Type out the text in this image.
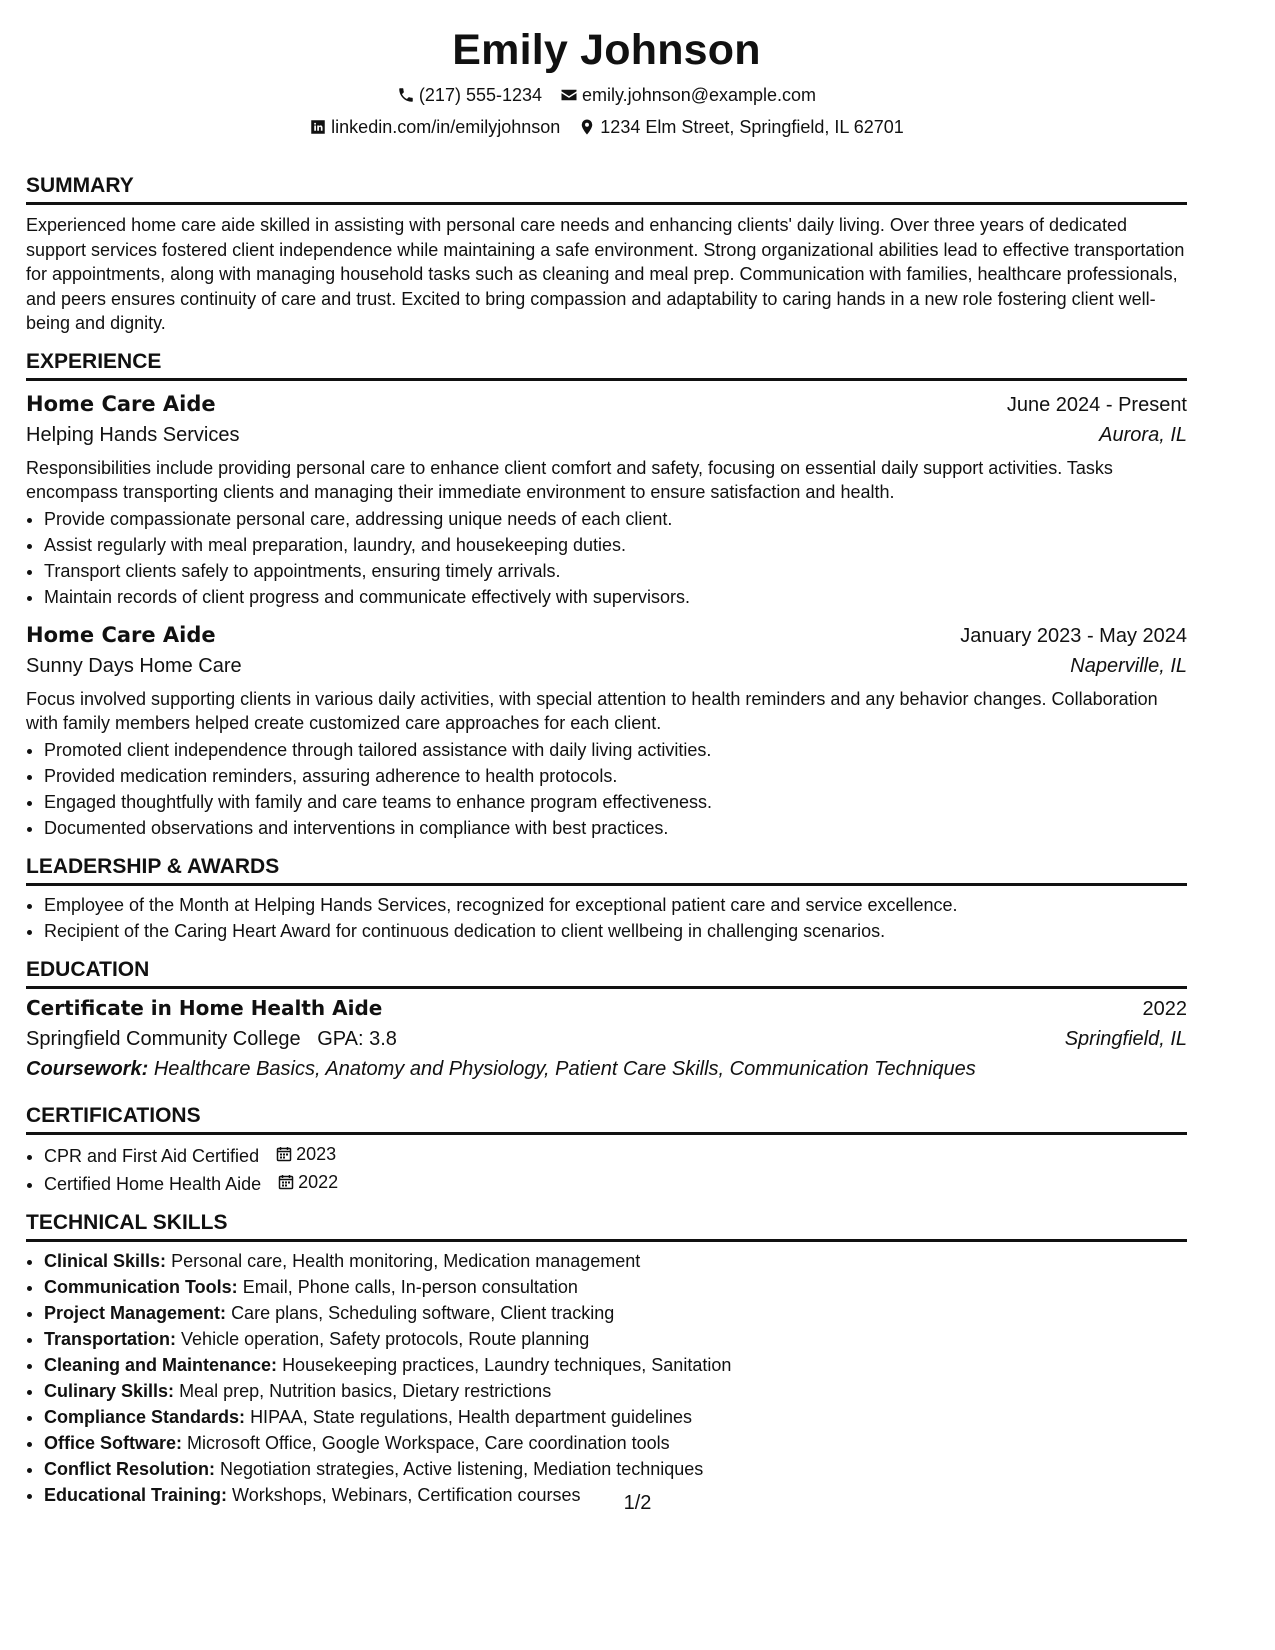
Emily Johnson
(217) 555-1234 emily.johnson@example.com
linkedin.com/in/emilyjohnson 1234 Elm Street, Springfield, IL 62701
SUMMARY

Experienced home care aide skilled in assisting with personal care needs and enhancing clients' daily living. Over three years of dedicated support services fostered client independence while maintaining a safe environment. Strong organizational abilities lead to effective transportation for appointments, along with managing household tasks such as cleaning and meal prep. Communication with families, healthcare professionals, and peers ensures continuity of care and trust. Excited to bring compassion and adaptability to caring hands in a new role fostering client well-being and dignity.

EXPERIENCE
Home Care Aide	June 2024 - Present
Helping Hands Services	Aurora, IL

Responsibilities include providing personal care to enhance client comfort and safety, focusing on essential daily support activities. Tasks encompass transporting clients and managing their immediate environment to ensure satisfaction and health.

• Provide compassionate personal care, addressing unique needs of each client.
• Assist regularly with meal preparation, laundry, and housekeeping duties.
• Transport clients safely to appointments, ensuring timely arrivals.
• Maintain records of client progress and communicate effectively with supervisors.
Home Care Aide	January 2023 - May 2024
Sunny Days Home Care	Naperville, IL

Focus involved supporting clients in various daily activities, with special attention to health reminders and any behavior changes. Collaboration with family members helped create customized care approaches for each client.

• Promoted client independence through tailored assistance with daily living activities.
• Provided medication reminders, assuring adherence to health protocols.
• Engaged thoughtfully with family and care teams to enhance program effectiveness.
• Documented observations and interventions in compliance with best practices.
LEADERSHIP & AWARDS
• Employee of the Month at Helping Hands Services, recognized for exceptional patient care and service excellence.
• Recipient of the Caring Heart Award for continuous dedication to client wellbeing in challenging scenarios.
EDUCATION
Certificate in Home Health Aide	2022
Springfield Community College GPA: 3.8	Springfield, IL
Coursework: Healthcare Basics, Anatomy and Physiology, Patient Care Skills, Communication Techniques
CERTIFICATIONS
• CPR and First Aid Certified 2023
• Certified Home Health Aide 2022
TECHNICAL SKILLS
• Clinical Skills: Personal care, Health monitoring, Medication management
• Communication Tools: Email, Phone calls, In-person consultation
• Project Management: Care plans, Scheduling software, Client tracking
• Transportation: Vehicle operation, Safety protocols, Route planning
• Cleaning and Maintenance: Housekeeping practices, Laundry techniques, Sanitation
• Culinary Skills: Meal prep, Nutrition basics, Dietary restrictions
• Compliance Standards: HIPAA, State regulations, Health department guidelines
• Office Software: Microsoft Office, Google Workspace, Care coordination tools
• Conflict Resolution: Negotiation strategies, Active listening, Mediation techniques
• Educational Training: Workshops, Webinars, Certification courses	1/2
